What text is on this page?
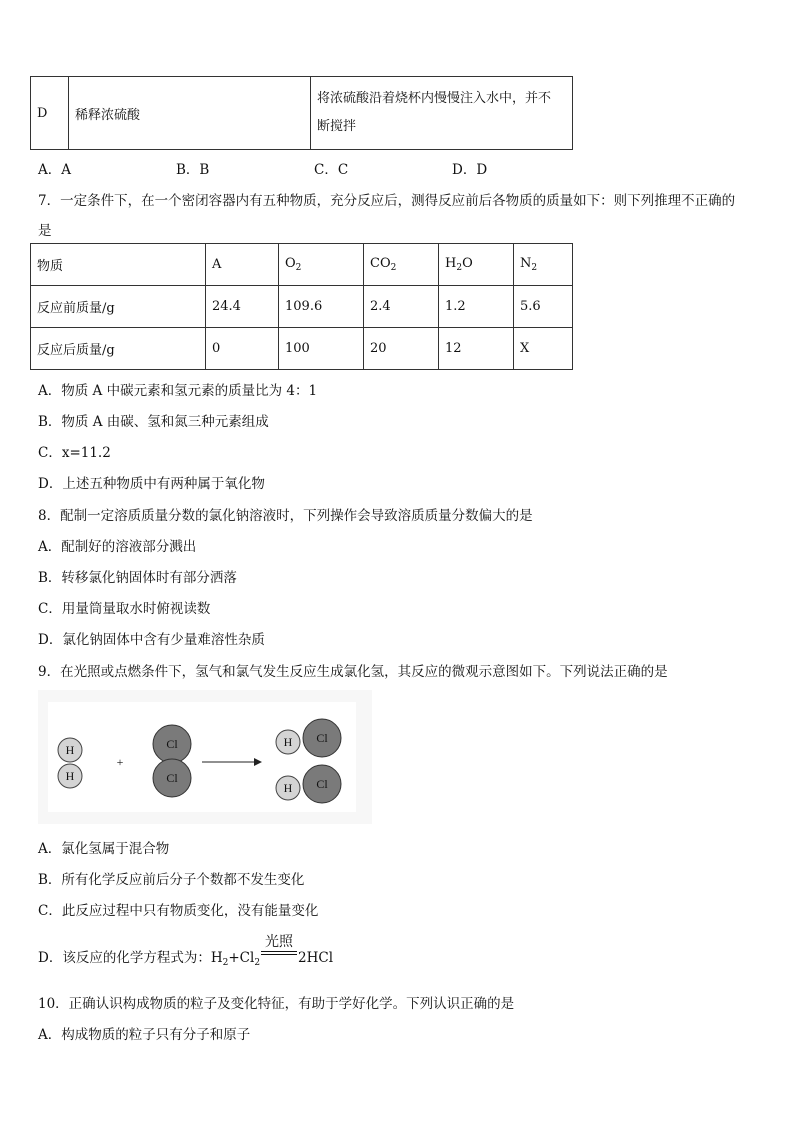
D	稀释浓硫酸	
将浓硫酸沿着烧杯内慢慢注入水中，并不
断搅拌
A．A	B．B	C．C	D．D
7．一定条件下，在一个密闭容器内有五种物质，充分反应后，测得反应前后各物质的质量如下：则下列推理不正确的
是
物质	A	$O_2$	$CO_2$	$H_2O$	$N_2$
反应前质量/g	24.4	109.6	2.4	1.2	5.6
反应后质量/g	0	100	20	12	X
A．物质 A 中碳元素和氢元素的质量比为 4：1
B．物质 A 由碳、氢和氮三种元素组成
C．x=11.2
D．上述五种物质中有两种属于氧化物
8．配制一定溶质质量分数的氯化钠溶液时，下列操作会导致溶质质量分数偏大的是
A．配制好的溶液部分溅出
B．转移氯化钠固体时有部分洒落
C．用量筒量取水时俯视读数
D．氯化钠固体中含有少量难溶性杂质
9．在光照或点燃条件下，氢气和氯气发生反应生成氯化氢，其反应的微观示意图如下。下列说法正确的是
H
H
+
Cl
Cl
Cl
H
Cl
H
A．氯化氢属于混合物
B．所有化学反应前后分子个数都不发生变化
C．此反应过程中只有物质变化，没有能量变化
D．该反应的化学方程式为：$H_2+Cl_2$
光照
2HCl
10．正确认识构成物质的粒子及变化特征，有助于学好化学。下列认识正确的是
A．构成物质的粒子只有分子和原子
